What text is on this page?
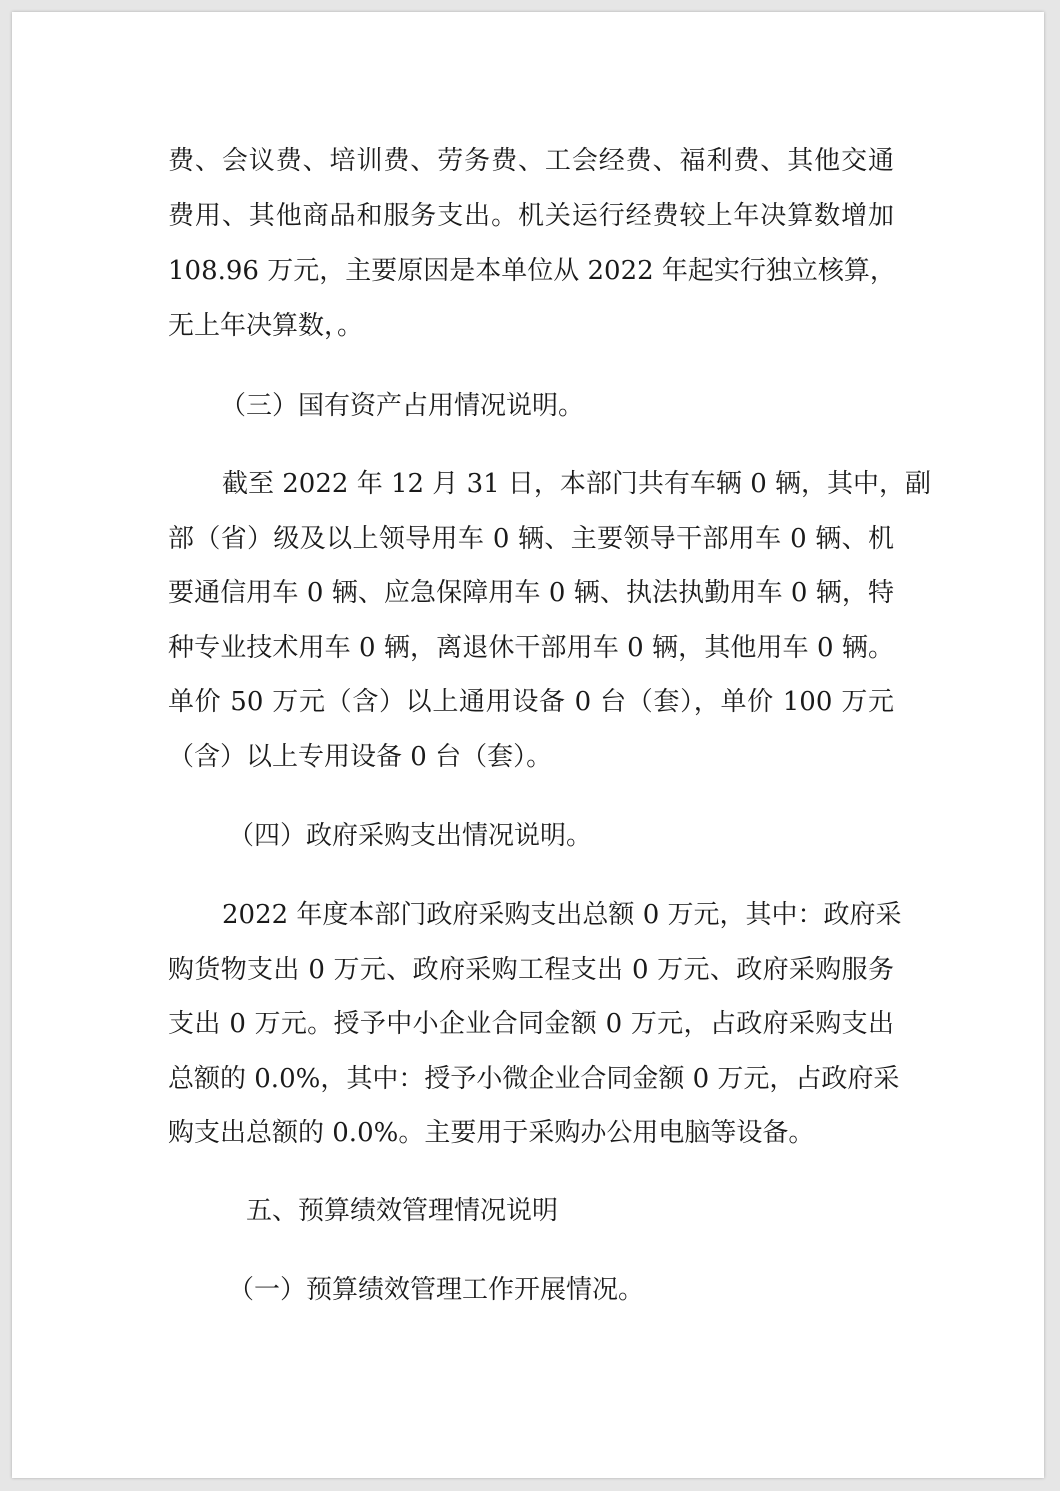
费、会议费、培训费、劳务费、工会经费、福利费、其他交通
费用、其他商品和服务支出。机关运行经费较上年决算数增加
108.96 万元，主要原因是本单位从 2022 年起实行独立核算，
无上年决算数，。
（三）国有资产占用情况说明。
截至 2022 年 12 月 31 日，本部门共有车辆 0 辆，其中，副
部（省）级及以上领导用车 0 辆、主要领导干部用车 0 辆、机
要通信用车 0 辆、应急保障用车 0 辆、执法执勤用车 0 辆，特
种专业技术用车 0 辆，离退休干部用车 0 辆，其他用车 0 辆。
单价 50 万元（含）以上通用设备 0 台（套），单价 100 万元
（含）以上专用设备 0 台（套）。
（四）政府采购支出情况说明。
2022 年度本部门政府采购支出总额 0 万元，其中：政府采
购货物支出 0 万元、政府采购工程支出 0 万元、政府采购服务
支出 0 万元。授予中小企业合同金额 0 万元，占政府采购支出
总额的 0.0%，其中：授予小微企业合同金额 0 万元，占政府采
购支出总额的 0.0%。主要用于采购办公用电脑等设备。
五、预算绩效管理情况说明
（一）预算绩效管理工作开展情况。
